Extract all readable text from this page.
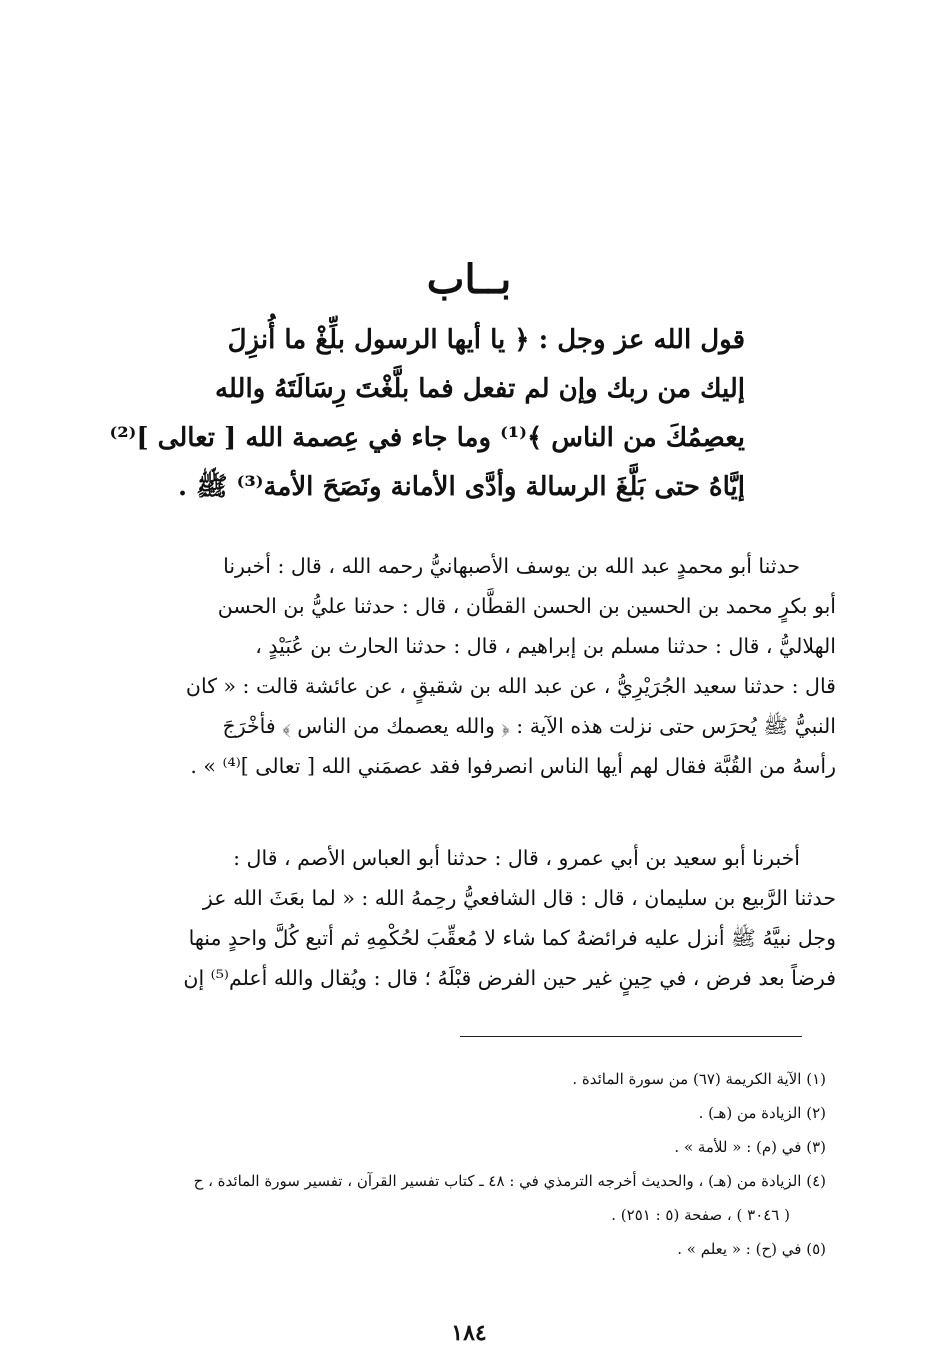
بــاب
قول الله عز وجل : ﴿ يا أيها الرسول بلِّغْ ما أُنزِلَ
إليك من ربك وإن لم تفعل فما بلَّغْتَ رِسَالَتَهُ والله
يعصِمُكَ من الناس ﴾⁽¹⁾ وما جاء في عِصمة الله [ تعالى ]⁽²⁾
إيَّاهُ حتى بَلَّغَ الرسالة وأدَّى الأمانة ونَصَحَ الأمة⁽³⁾ ﷺ .
حدثنا أبو محمدٍ عبد الله بن يوسف الأصبهانيُّ رحمه الله ، قال : أخبرنا
أبو بكرٍ محمد بن الحسين بن الحسن القطَّان ، قال : حدثنا عليُّ بن الحسن
الهلاليُّ ، قال : حدثنا مسلم بن إبراهيم ، قال : حدثنا الحارث بن عُبَيْدٍ ،
قال : حدثنا سعيد الجُرَيْرِيُّ ، عن عبد الله بن شقيقٍ ، عن عائشة قالت : « كان
النبيُّ ﷺ يُحرَس حتى نزلت هذه الآية : ﴿ والله يعصمك من الناس ﴾ فأخْرَجَ
رأسهُ من القُبَّة فقال لهم أيها الناس انصرفوا فقد عصمَني الله [ تعالى ]⁽⁴⁾ » .
أخبرنا أبو سعيد بن أبي عمرو ، قال : حدثنا أبو العباس الأصم ، قال :
حدثنا الرَّبيع بن سليمان ، قال : قال الشافعيُّ رحِمهُ الله : « لما بعَثَ الله عز
وجل نبيَّهُ ﷺ أنزل عليه فرائضهُ كما شاء لا مُعقِّبَ لحُكْمِهِ ثم أتبع كُلَّ واحدٍ منها
فرضاً بعد فرض ، في حِينٍ غير حين الفرض قبْلَهُ ؛ قال : ويُقال والله أعلم⁽⁵⁾ إن
(١) الآية الكريمة (٦٧) من سورة المائدة .
(٢) الزيادة من (هـ) .
(٣) في (م) : « للأمة » .
(٤) الزيادة من (هـ) ، والحديث أخرجه الترمذي في : ٤٨ ـ كتاب تفسير القرآن ، تفسير سورة المائدة ، ح
( ٣٠٤٦ ) ، صفحة (٥ : ٢٥١) .
(٥) في (ح) : « يعلم » .
١٨٤
